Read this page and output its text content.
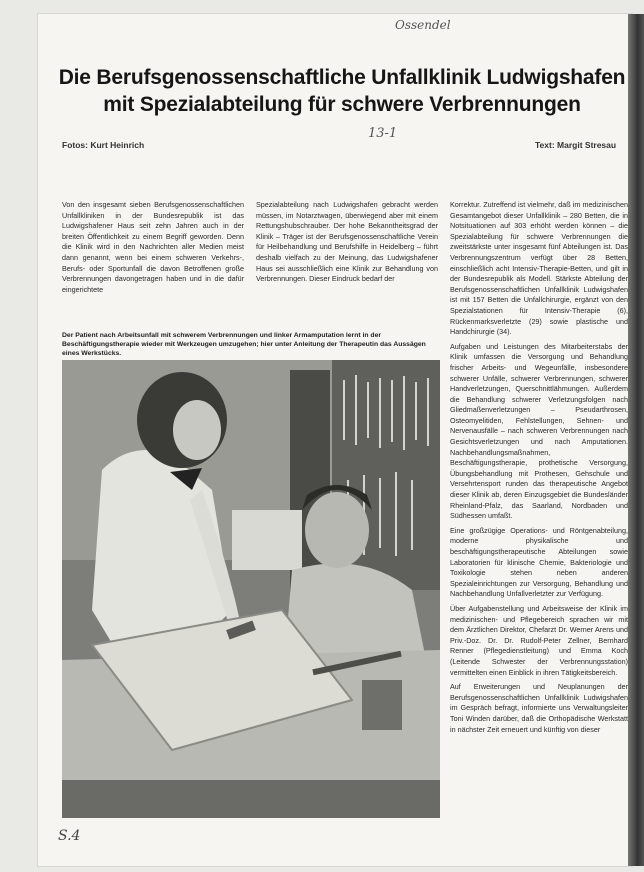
Ossendel
13-1
S.4
Die Berufsgenossenschaftliche Unfallklinik Ludwigshafen
mit Spezialabteilung für schwere Verbrennungen
Fotos: Kurt Heinrich	Text: Margit Stresau

Von den insgesamt sieben Berufsgenossenschaftlichen Unfallkliniken in der Bundesrepublik ist das Ludwigshafener Haus seit zehn Jahren auch in der breiten Öffentlichkeit zu einem Begriff geworden. Denn die Klinik wird in den Nachrichten aller Medien meist dann genannt, wenn bei einem schweren Verkehrs-, Berufs- oder Sportunfall die davon Betroffenen große Verbrennungen davongetragen haben und in die dafür eingerichtete

Spezialabteilung nach Ludwigshafen gebracht werden müssen, im Notarztwagen, überwiegend aber mit einem Rettungshubschrauber. Der hohe Bekanntheitsgrad der Klinik – Träger ist der Berufsgenossenschaftliche Verein für Heilbehandlung und Berufshilfe in Heidelberg – führt deshalb vielfach zu der Meinung, das Ludwigshafener Haus sei ausschließlich eine Klinik zur Behandlung von Verbrennungen. Dieser Eindruck bedarf der

Korrektur. Zutreffend ist vielmehr, daß im medizinischen Gesamtangebot dieser Unfallklinik – 280 Betten, die in Notsituationen auf 303 erhöht werden können – die Spezialabteilung für schwere Verbrennungen die zweitstärkste unter insgesamt fünf Abteilungen ist. Das Verbrennungszentrum verfügt über 28 Betten, einschließlich acht Intensiv-Therapie-Betten, und gilt in der Bundesrepublik als Modell. Stärkste Abteilung der Berufsgenossenschaftlichen Unfallklinik Ludwigshafen ist mit 157 Betten die Unfallchirurgie, ergänzt von den Spezialstationen für Intensiv-Therapie (6), Rückenmarksverletzte (29) sowie plastische und Handchirurgie (34).

Aufgaben und Leistungen des Mitarbeiterstabs der Klinik umfassen die Versorgung und Behandlung frischer Arbeits- und Wegeunfälle, insbesondere schwerer Unfälle, schwerer Verbrennungen, schwerer Handverletzungen, Querschnittlähmungen. Außerdem die Behandlung schwerer Verletzungsfolgen nach Gliedmaßenverletzungen – Pseudarthrosen, Osteomyelitiden, Fehlstellungen, Sehnen- und Nervenausfälle – nach schweren Verbrennungen nach Gesichtsverletzungen und nach Amputationen. Nachbehandlungsmaßnahmen, Beschäftigungstherapie, prothetische Versorgung, Übungsbehandlung mit Prothesen, Gehschule und Versehrtensport runden das therapeutische Angebot dieser Klinik ab, deren Einzugsgebiet die Bundesländer Rheinland-Pfalz, das Saarland, Nordbaden und Südhessen umfaßt.

Eine großzügige Operations- und Röntgenabteilung, moderne physikalische und beschäftigungstherapeutische Abteilungen sowie Laboratorien für klinische Chemie, Bakteriologie und Toxikologie stehen neben anderen Spezialeinrichtungen zur Versorgung, Behandlung und Nachbehandlung Unfallverletzter zur Verfügung.

Über Aufgabenstellung und Arbeitsweise der Klinik im medizinischen- und Pflegebereich sprachen wir mit dem Ärztlichen Direktor, Chefarzt Dr. Werner Arens und Priv.-Doz. Dr. Dr. Rudolf-Peter Zellner, Bernhard Renner (Pflegedienstleitung) und Emma Koch (Leitende Schwester der Verbrennungsstation) vermittelten einen Einblick in ihren Tätigkeitsbereich.

Auf Erweiterungen und Neuplanungen der Berufsgenossenschaftlichen Unfallklinik Ludwigshafen im Gespräch befragt, informierte uns Verwaltungsleiter Toni Winden darüber, daß die Orthopädische Werkstatt in nächster Zeit erneuert und künftig von dieser

Der Patient nach Arbeitsunfall mit schwerem Verbrennungen und linker Armamputation lernt in der Beschäftigungstherapie wieder mit Werkzeugen umzugehen; hier unter Anleitung der Therapeutin das Aussägen eines Werkstücks.
